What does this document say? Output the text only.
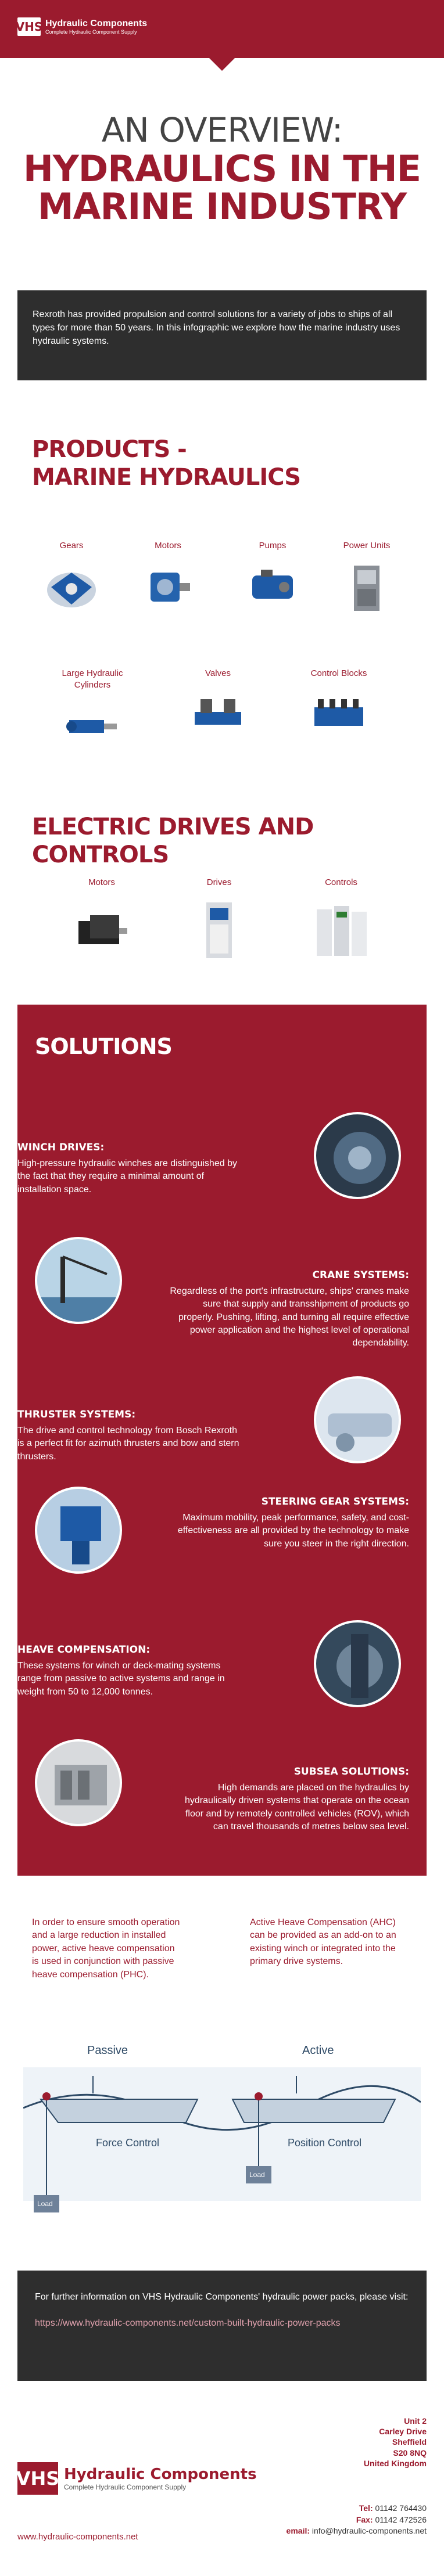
VHS Hydraulic Components
Complete Hydraulic Component Supply
AN OVERVIEW:
HYDRAULICS IN THE MARINE INDUSTRY
Rexroth has provided propulsion and control solutions for a variety of jobs to ships of all types for more than 50 years. In this infographic we explore how the marine industry uses hydraulic systems.
PRODUCTS -
MARINE HYDRAULICS
Gears	Motors	Pumps	Power Units
Large Hydraulic Cylinders
Valves	Control Blocks
ELECTRIC DRIVES AND CONTROLS
Motors	Drives	Controls
SOLUTIONS
WINCH DRIVES:
High-pressure hydraulic winches are distinguished by the fact that they require a minimal amount of installation space.
CRANE SYSTEMS:
Regardless of the port's infrastructure, ships' cranes make sure that supply and transshipment of products go properly. Pushing, lifting, and turning all require effective power application and the highest level of operational dependability.
THRUSTER SYSTEMS:
The drive and control technology from Bosch Rexroth is a perfect fit for azimuth thrusters and bow and stern thrusters.
STEERING GEAR SYSTEMS:
Maximum mobility, peak performance, safety, and cost-effectiveness are all provided by the technology to make sure you steer in the right direction.
HEAVE COMPENSATION:
These systems for winch or deck-mating systems range from passive to active systems and range in weight from 50 to 12,000 tonnes.
SUBSEA SOLUTIONS:
High demands are placed on the hydraulics by hydraulically driven systems that operate on the ocean floor and by remotely controlled vehicles (ROV), which can travel thousands of metres below sea level.
In order to ensure smooth operation and a large reduction in installed power, active heave compensation is used in conjunction with passive heave compensation (PHC).
Active Heave Compensation (AHC) can be provided as an add-on to an existing winch or integrated into the primary drive systems.
Passive	Active
Force Control	Position Control
Load
Load
For further information on VHS Hydraulic Components' hydraulic power packs, please visit:
https://www.hydraulic-components.net/custom-built-hydraulic-power-packs
VHS Hydraulic Components
Complete Hydraulic Component Supply
Unit 2
Carley Drive
Sheffield
S20 8NQ
United Kingdom
Tel: 01142 764430
Fax: 01142 472526
email: info@hydraulic-components.net
www.hydraulic-components.net
